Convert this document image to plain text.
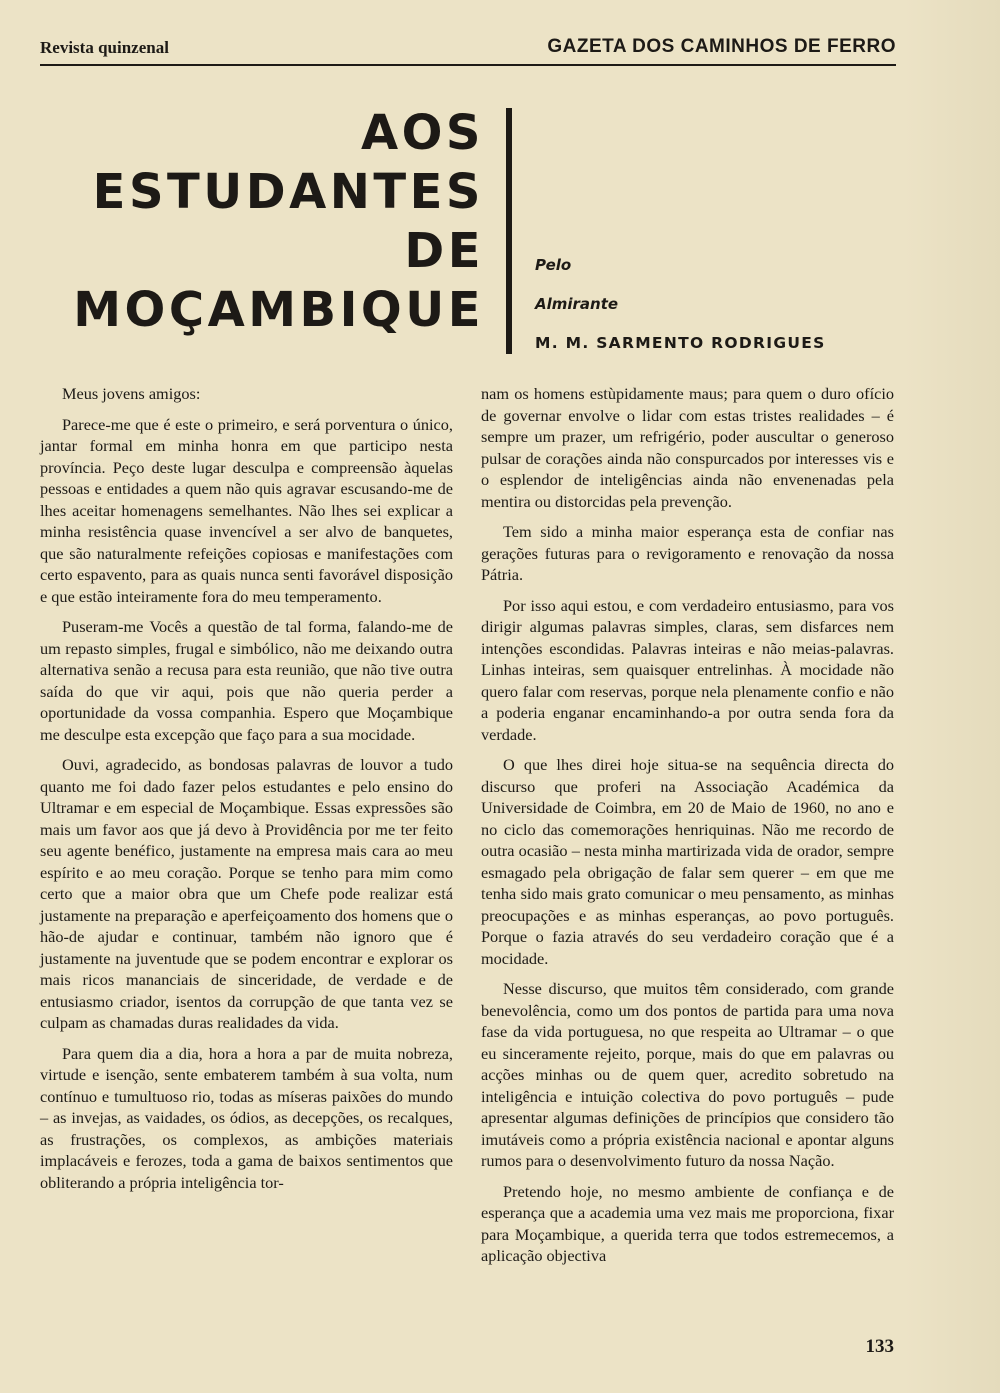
Revista quinzenal	GAZETA DOS CAMINHOS DE FERRO
AOS
ESTUDANTES
DE
MOÇAMBIQUE
Pelo
Almirante
M. M. SARMENTO RODRIGUES

Meus jovens amigos:

Parece-me que é este o primeiro, e será porventura o único, jantar formal em minha honra em que participo nesta província. Peço deste lugar desculpa e compreensão àquelas pessoas e entidades a quem não quis agravar escusando-me de lhes aceitar homenagens semelhantes. Não lhes sei explicar a minha resistência quase invencível a ser alvo de banquetes, que são naturalmente refeições copiosas e manifestações com certo espavento, para as quais nunca senti favorável disposição e que estão inteiramente fora do meu temperamento.

Puseram-me Vocês a questão de tal forma, falando-me de um repasto simples, frugal e simbólico, não me deixando outra alternativa senão a recusa para esta reunião, que não tive outra saída do que vir aqui, pois que não queria perder a oportunidade da vossa companhia. Espero que Moçambique me desculpe esta excepção que faço para a sua mocidade.

Ouvi, agradecido, as bondosas palavras de louvor a tudo quanto me foi dado fazer pelos estudantes e pelo ensino do Ultramar e em especial de Moçambique. Essas expressões são mais um favor aos que já devo à Providência por me ter feito seu agente benéfico, justamente na empresa mais cara ao meu espírito e ao meu coração. Porque se tenho para mim como certo que a maior obra que um Chefe pode realizar está justamente na preparação e aperfeiçoamento dos homens que o hão-de ajudar e continuar, também não ignoro que é justamente na juventude que se podem encontrar e explorar os mais ricos mananciais de sinceridade, de verdade e de entusiasmo criador, isentos da corrupção de que tanta vez se culpam as chamadas duras realidades da vida.

Para quem dia a dia, hora a hora a par de muita nobreza, virtude e isenção, sente embaterem também à sua volta, num contínuo e tumultuoso rio, todas as míseras paixões do mundo – as invejas, as vaidades, os ódios, as decepções, os recalques, as frustrações, os complexos, as ambições materiais implacáveis e ferozes, toda a gama de baixos sentimentos que obliterando a própria inteligência tor-

nam os homens estùpidamente maus; para quem o duro ofício de governar envolve o lidar com estas tristes realidades – é sempre um prazer, um refrigério, poder auscultar o generoso pulsar de corações ainda não conspurcados por interesses vis e o esplendor de inteligências ainda não envenenadas pela mentira ou distorcidas pela prevenção.

Tem sido a minha maior esperança esta de confiar nas gerações futuras para o revigoramento e renovação da nossa Pátria.

Por isso aqui estou, e com verdadeiro entusiasmo, para vos dirigir algumas palavras simples, claras, sem disfarces nem intenções escondidas. Palavras inteiras e não meias-palavras. Linhas inteiras, sem quaisquer entrelinhas. À mocidade não quero falar com reservas, porque nela plenamente confio e não a poderia enganar encaminhando-a por outra senda fora da verdade.

O que lhes direi hoje situa-se na sequência directa do discurso que proferi na Associação Académica da Universidade de Coimbra, em 20 de Maio de 1960, no ano e no ciclo das comemorações henriquinas. Não me recordo de outra ocasião – nesta minha martirizada vida de orador, sempre esmagado pela obrigação de falar sem querer – em que me tenha sido mais grato comunicar o meu pensamento, as minhas preocupações e as minhas esperanças, ao povo português. Porque o fazia através do seu verdadeiro coração que é a mocidade.

Nesse discurso, que muitos têm considerado, com grande benevolência, como um dos pontos de partida para uma nova fase da vida portuguesa, no que respeita ao Ultramar – o que eu sinceramente rejeito, porque, mais do que em palavras ou acções minhas ou de quem quer, acredito sobretudo na inteligência e intuição colectiva do povo português – pude apresentar algumas definições de princípios que considero tão imutáveis como a própria existência nacional e apontar alguns rumos para o desenvolvimento futuro da nossa Nação.

Pretendo hoje, no mesmo ambiente de confiança e de esperança que a academia uma vez mais me proporciona, fixar para Moçambique, a querida terra que todos estremecemos, a aplicação objectiva

133
